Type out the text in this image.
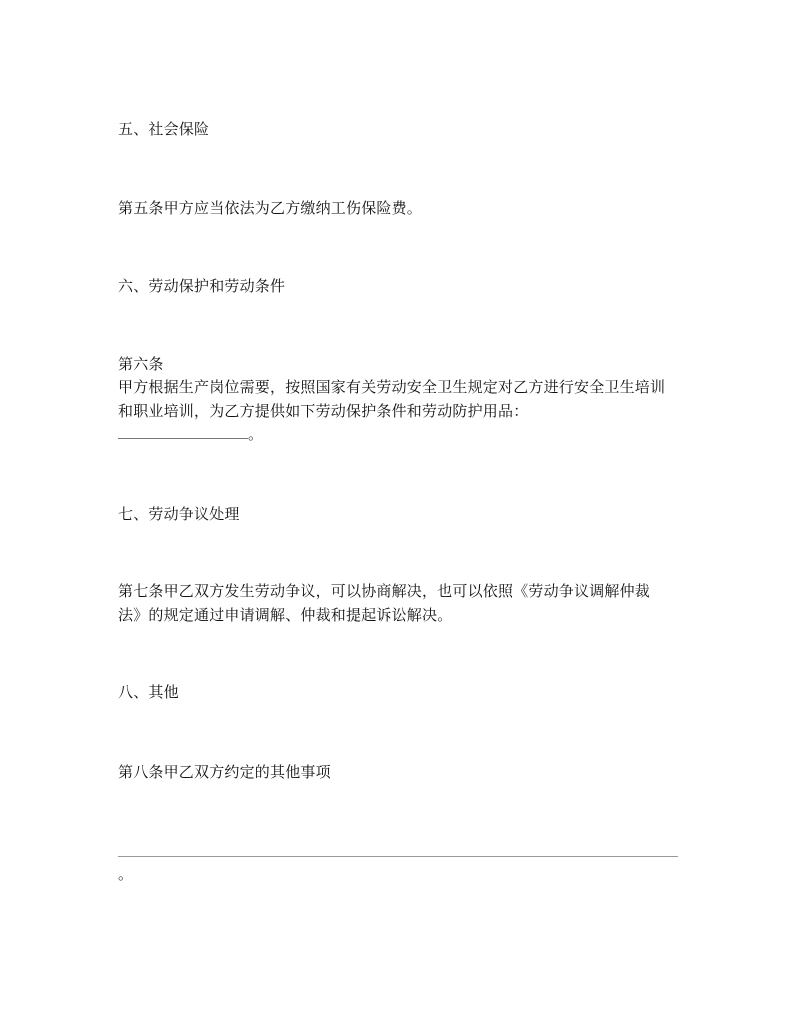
五、社会保险
第五条甲方应当依法为乙方缴纳工伤保险费。
六、劳动保护和劳动条件
第六条
甲方根据生产岗位需要，按照国家有关劳动安全卫生规定对乙方进行安全卫生培训
和职业培训，为乙方提供如下劳动保护条件和劳动防护用品：
。
七、劳动争议处理
第七条甲乙双方发生劳动争议，可以协商解决，也可以依照《劳动争议调解仲裁
法》的规定通过申请调解、仲裁和提起诉讼解决。
八、其他
第八条甲乙双方约定的其他事项
。
